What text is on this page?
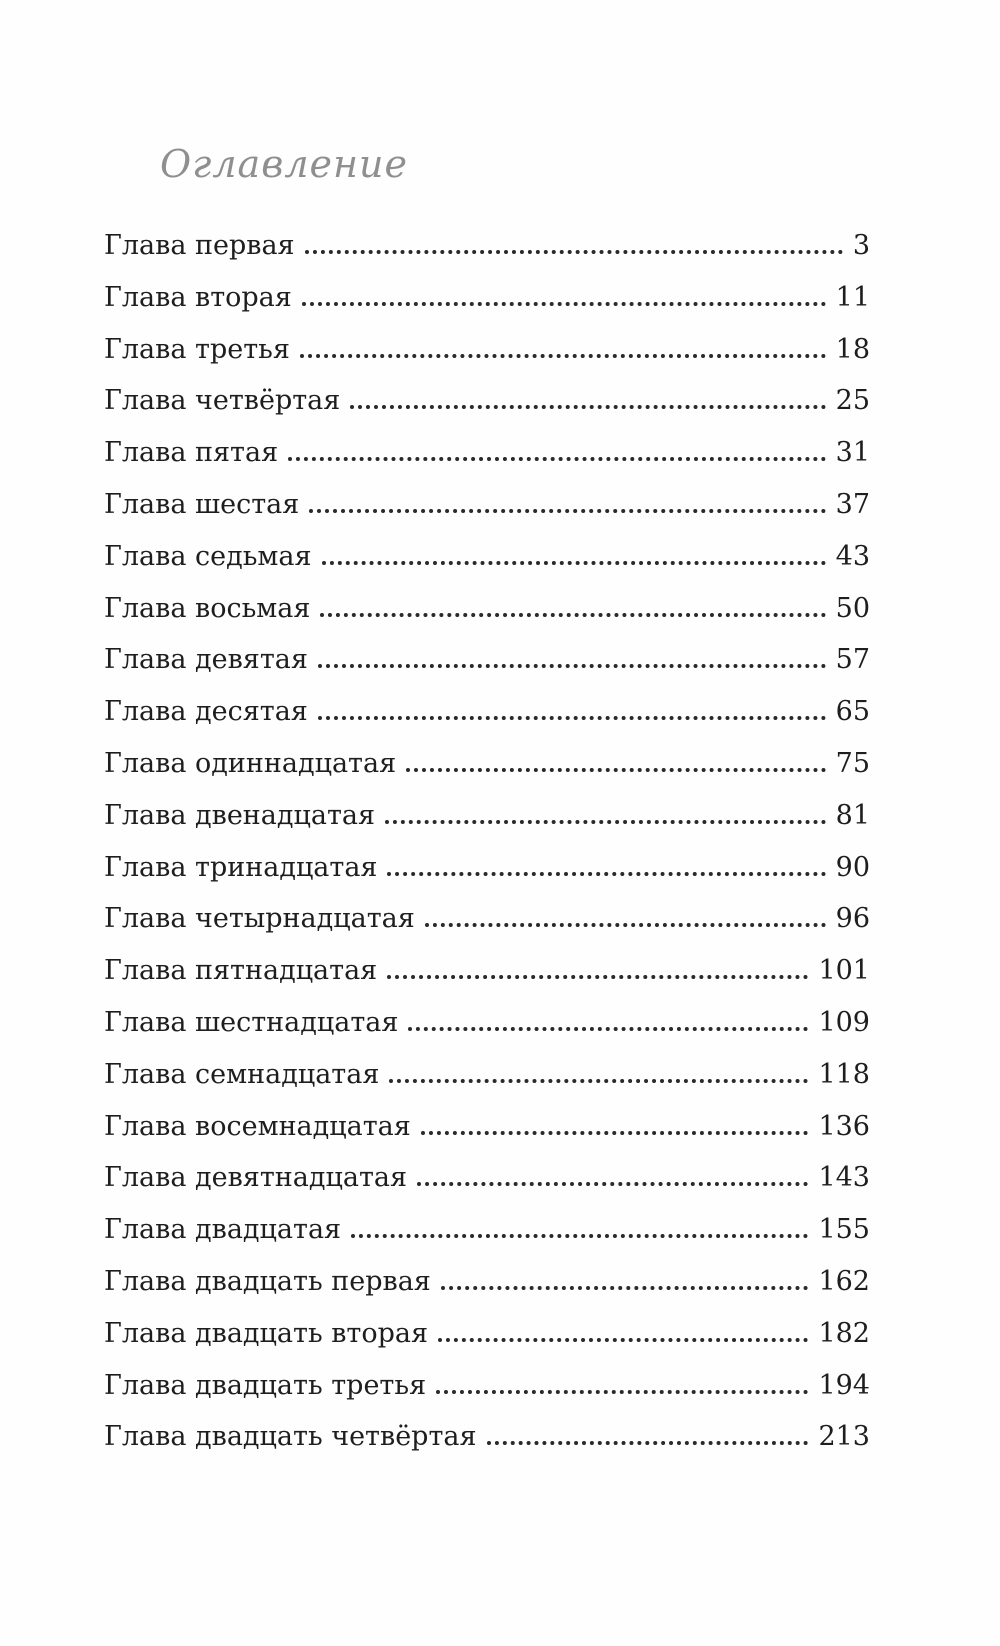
Оглавление
Глава первая	3
Глава вторая	11
Глава третья	18
Глава четвёртая	25
Глава пятая	31
Глава шестая	37
Глава седьмая	43
Глава восьмая	50
Глава девятая	57
Глава десятая	65
Глава одиннадцатая	75
Глава двенадцатая	81
Глава тринадцатая	90
Глава четырнадцатая	96
Глава пятнадцатая	101
Глава шестнадцатая	109
Глава семнадцатая	118
Глава восемнадцатая	136
Глава девятнадцатая	143
Глава двадцатая	155
Глава двадцать первая	162
Глава двадцать вторая	182
Глава двадцать третья	194
Глава двадцать четвёртая	213
